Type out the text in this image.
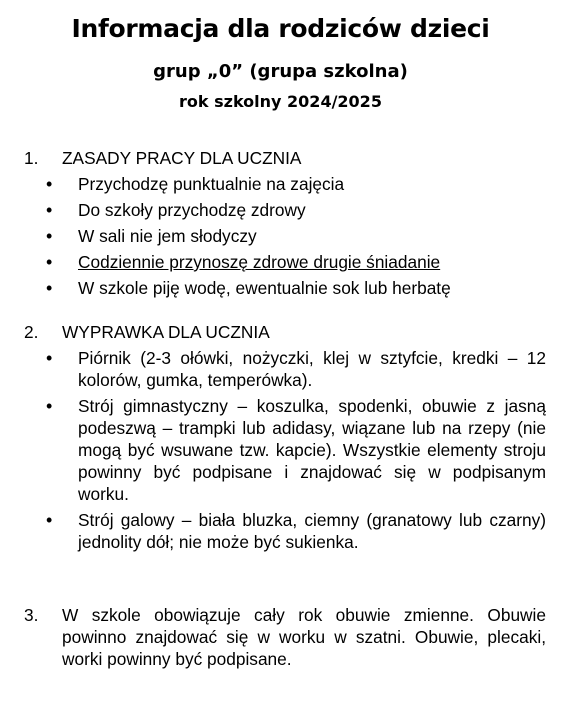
Informacja dla rodziców dzieci
grup „0” (grupa szkolna)
rok szkolny 2024/2025
1.	ZASADY PRACY DLA UCZNIA
•	Przychodzę punktualnie na zajęcia
•	Do szkoły przychodzę zdrowy
•	W sali nie jem słodyczy
•	Codziennie przynoszę zdrowe drugie śniadanie
•	W szkole piję wodę, ewentualnie sok lub herbatę
2.	WYPRAWKA DLA UCZNIA
•	Piórnik (2-3 ołówki, nożyczki, klej w sztyfcie, kredki – 12 kolorów, gumka, temperówka).
•	Strój gimnastyczny – koszulka, spodenki, obuwie z jasną podeszwą – trampki lub adidasy, wiązane lub na rzepy (nie mogą być wsuwane tzw. kapcie). Wszystkie elementy stroju powinny być podpisane i znajdować się w podpisanym worku.
•	Strój galowy – biała bluzka, ciemny (granatowy lub czarny) jednolity dół; nie może być sukienka.
3.	W szkole obowiązuje cały rok obuwie zmienne. Obuwie powinno znajdować się w worku w szatni. Obuwie, plecaki, worki powinny być podpisane.
